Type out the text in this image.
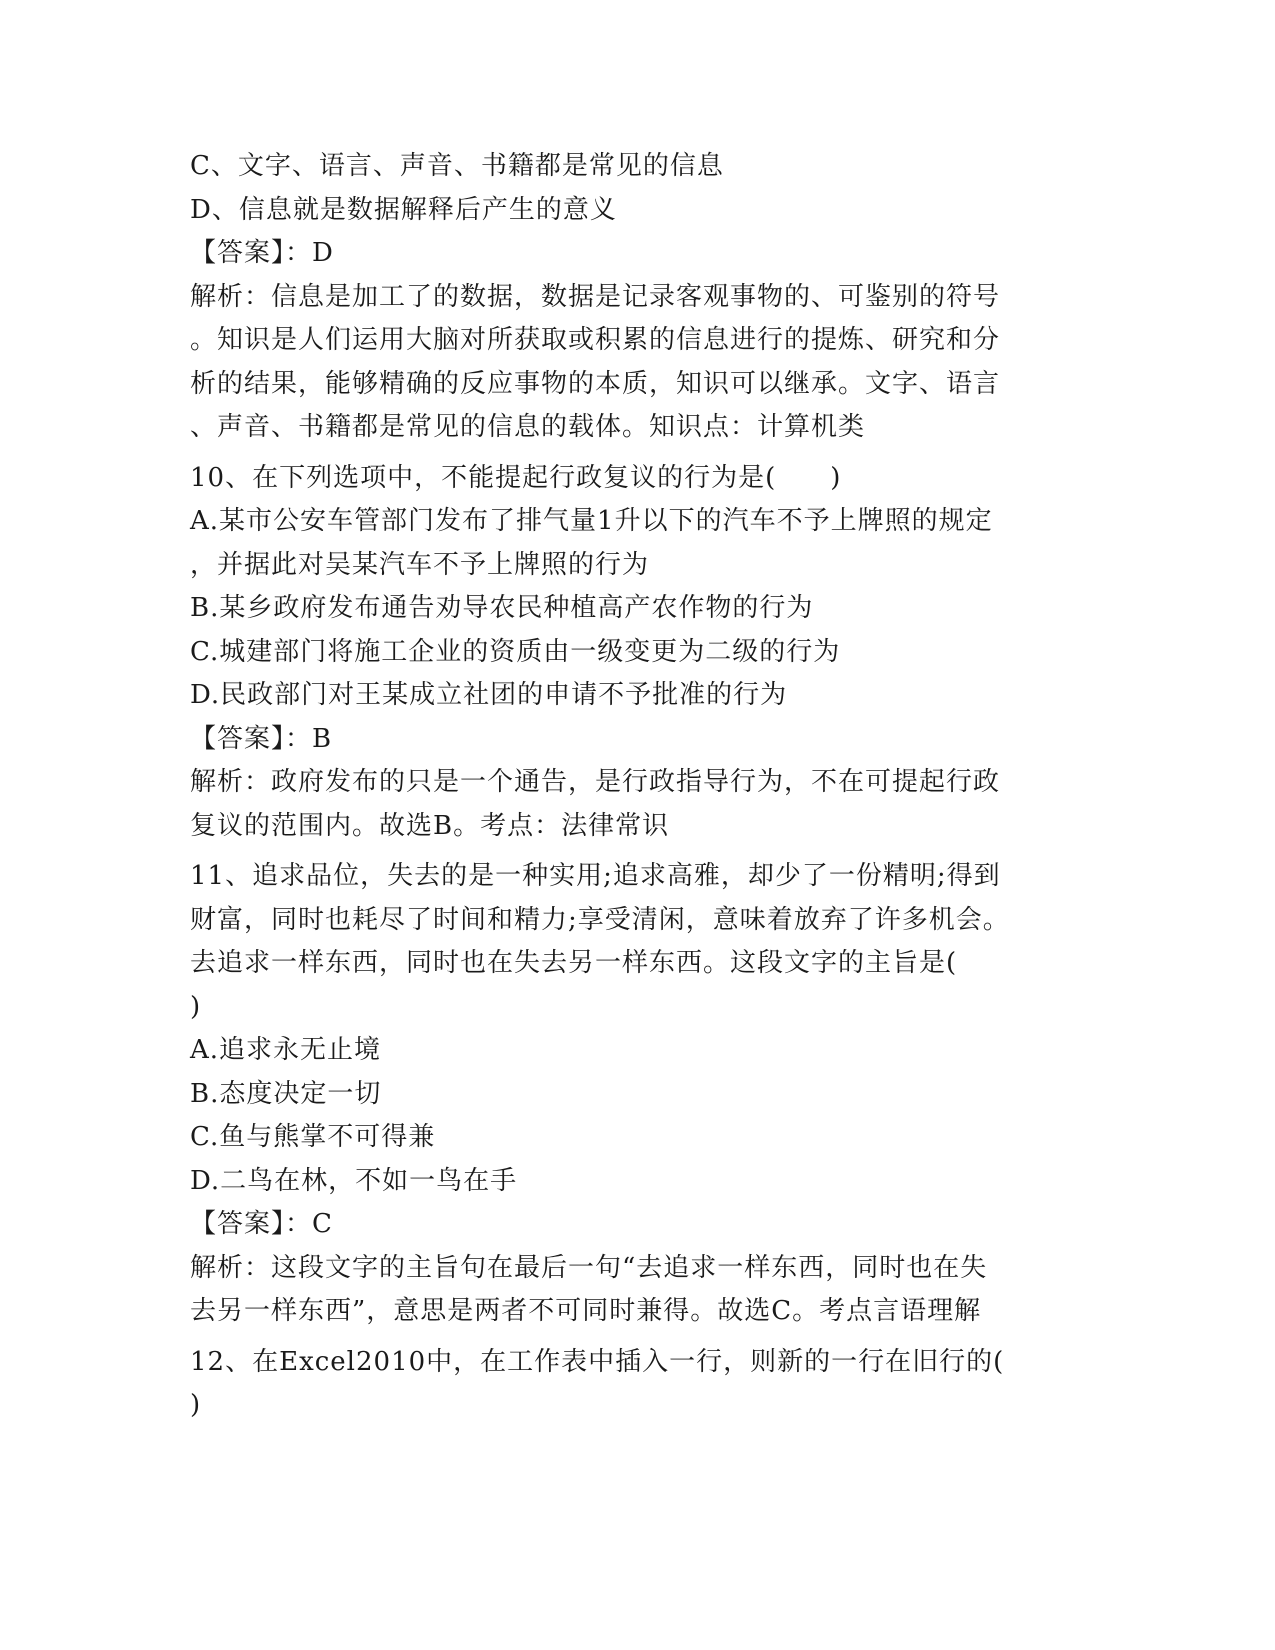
C、文字、语言、声音、书籍都是常见的信息
D、信息就是数据解释后产生的意义
【答案】：D
解析：信息是加工了的数据，数据是记录客观事物的、可鉴别的符号
。知识是人们运用大脑对所获取或积累的信息进行的提炼、研究和分
析的结果，能够精确的反应事物的本质，知识可以继承。文字、语言
、声音、书籍都是常见的信息的载体。知识点：计算机类
10、在下列选项中，不能提起行政复议的行为是(　　)
A.某市公安车管部门发布了排气量1升以下的汽车不予上牌照的规定
，并据此对吴某汽车不予上牌照的行为
B.某乡政府发布通告劝导农民种植高产农作物的行为
C.城建部门将施工企业的资质由一级变更为二级的行为
D.民政部门对王某成立社团的申请不予批准的行为
【答案】：B
解析：政府发布的只是一个通告，是行政指导行为，不在可提起行政
复议的范围内。故选B。考点：法律常识
11、追求品位，失去的是一种实用;追求高雅，却少了一份精明;得到
财富，同时也耗尽了时间和精力;享受清闲，意味着放弃了许多机会。
去追求一样东西，同时也在失去另一样东西。这段文字的主旨是(
)
A.追求永无止境
B.态度决定一切
C.鱼与熊掌不可得兼
D.二鸟在林，不如一鸟在手
【答案】：C
解析：这段文字的主旨句在最后一句“去追求一样东西，同时也在失
去另一样东西”，意思是两者不可同时兼得。故选C。考点言语理解
12、在Excel2010中，在工作表中插入一行，则新的一行在旧行的(
)
